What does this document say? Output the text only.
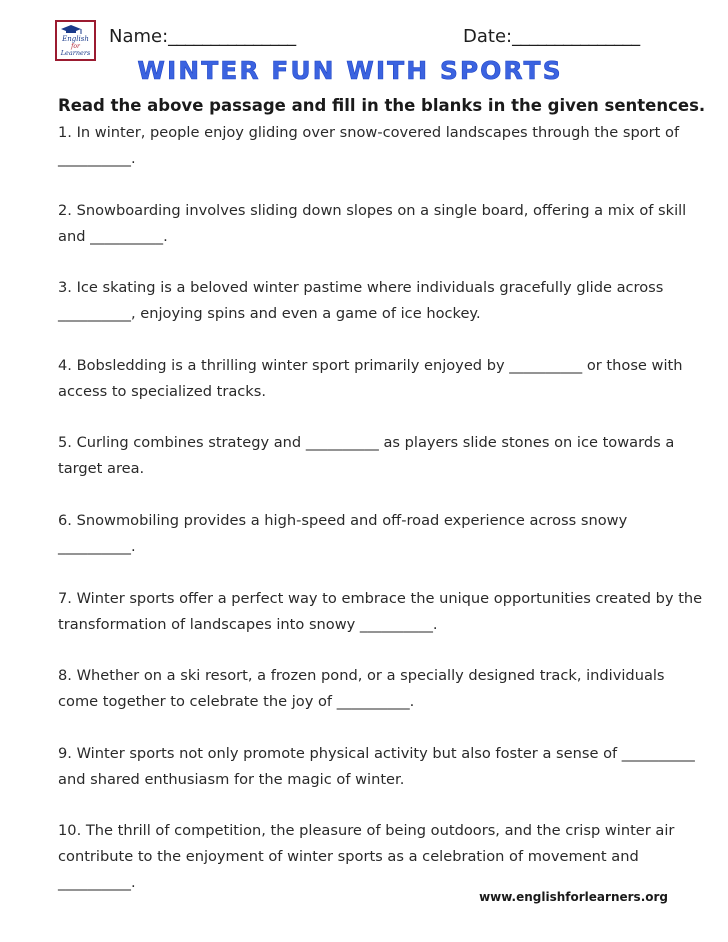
English
for
Learners
Name:_______________	Date:_______________
WINTER FUN WITH SPORTS
Read the above passage and fill in the blanks in the given sentences.
1. In winter, people enjoy gliding over snow-covered landscapes through the sport of __________.
2. Snowboarding involves sliding down slopes on a single board, offering a mix of skill and __________.
3. Ice skating is a beloved winter pastime where individuals gracefully glide across __________, enjoying spins and even a game of ice hockey.
4. Bobsledding is a thrilling winter sport primarily enjoyed by __________ or those with access to specialized tracks.
5. Curling combines strategy and __________ as players slide stones on ice towards a target area.
6. Snowmobiling provides a high-speed and off-road experience across snowy __________.
7. Winter sports offer a perfect way to embrace the unique opportunities created by the transformation of landscapes into snowy __________.
8. Whether on a ski resort, a frozen pond, or a specially designed track, individuals come together to celebrate the joy of __________.
9. Winter sports not only promote physical activity but also foster a sense of __________ and shared enthusiasm for the magic of winter.
10. The thrill of competition, the pleasure of being outdoors, and the crisp winter air contribute to the enjoyment of winter sports as a celebration of movement and __________.
www.englishforlearners.org
